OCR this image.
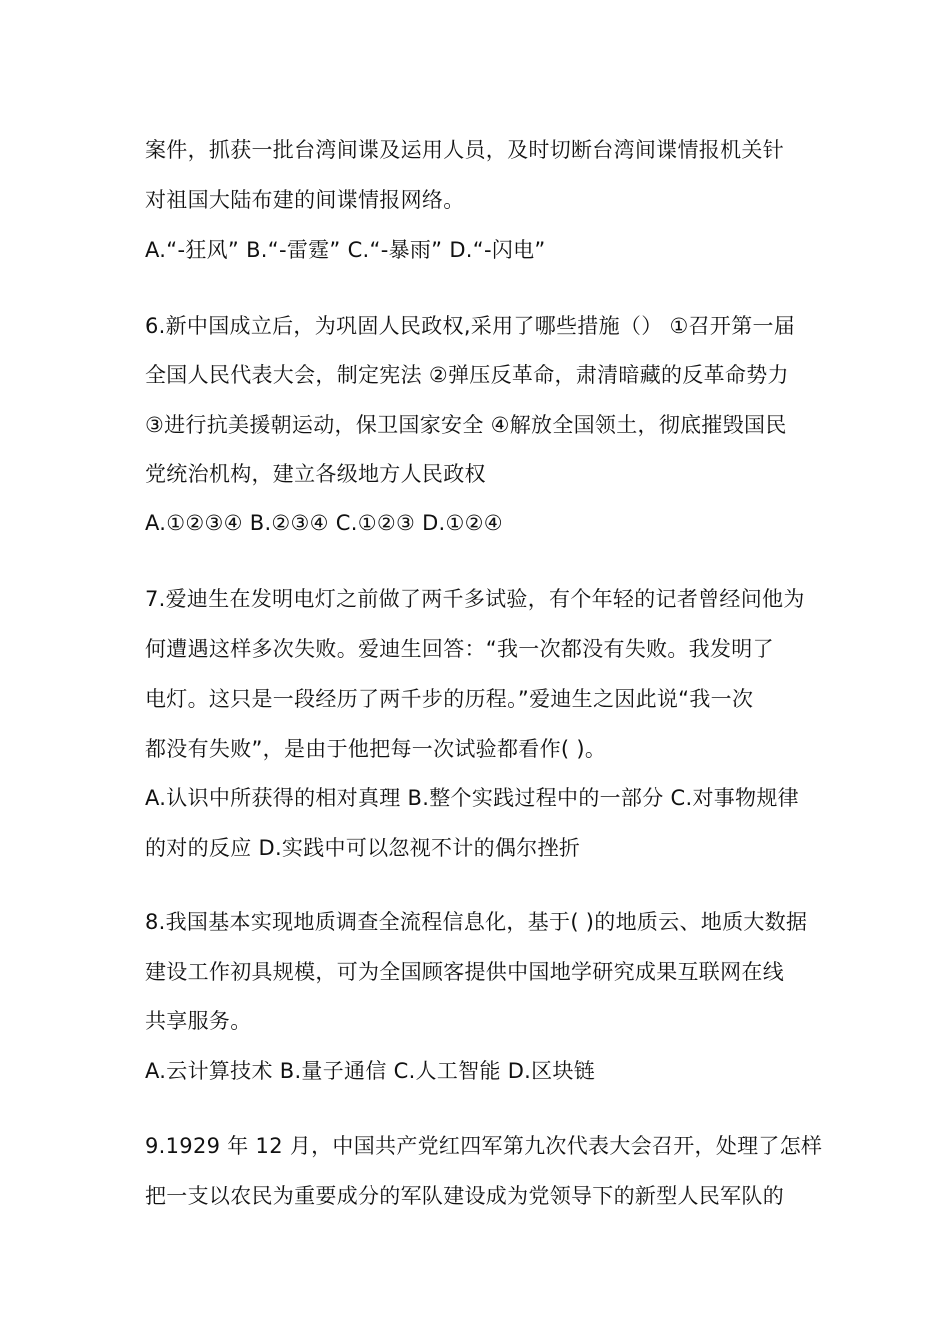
案件，抓获一批台湾间谍及运用人员，及时切断台湾间谍情报机关针
对祖国大陆布建的间谍情报网络。
A.“-狂风” B.“-雷霆” C.“-暴雨” D.“-闪电”
6.新中国成立后，为巩固人民政权,采用了哪些措施（） ①召开第一届
全国人民代表大会，制定宪法 ②弹压反革命，肃清暗藏的反革命势力
③进行抗美援朝运动，保卫国家安全 ④解放全国领土，彻底摧毁国民
党统治机构，建立各级地方人民政权
A.①②③④ B.②③④ C.①②③ D.①②④
7.爱迪生在发明电灯之前做了两千多试验，有个年轻的记者曾经问他为
何遭遇这样多次失败。爱迪生回答：“我一次都没有失败。我发明了
电灯。这只是一段经历了两千步的历程。”爱迪生之因此说“我一次
都没有失败”，是由于他把每一次试验都看作( )。
A.认识中所获得的相对真理 B.整个实践过程中的一部分 C.对事物规律
的对的反应 D.实践中可以忽视不计的偶尔挫折
8.我国基本实现地质调查全流程信息化，基于( )的地质云、地质大数据
建设工作初具规模，可为全国顾客提供中国地学研究成果互联网在线
共享服务。
A.云计算技术 B.量子通信 C.人工智能 D.区块链
9.1929 年 12 月，中国共产党红四军第九次代表大会召开，处理了怎样
把一支以农民为重要成分的军队建设成为党领导下的新型人民军队的
